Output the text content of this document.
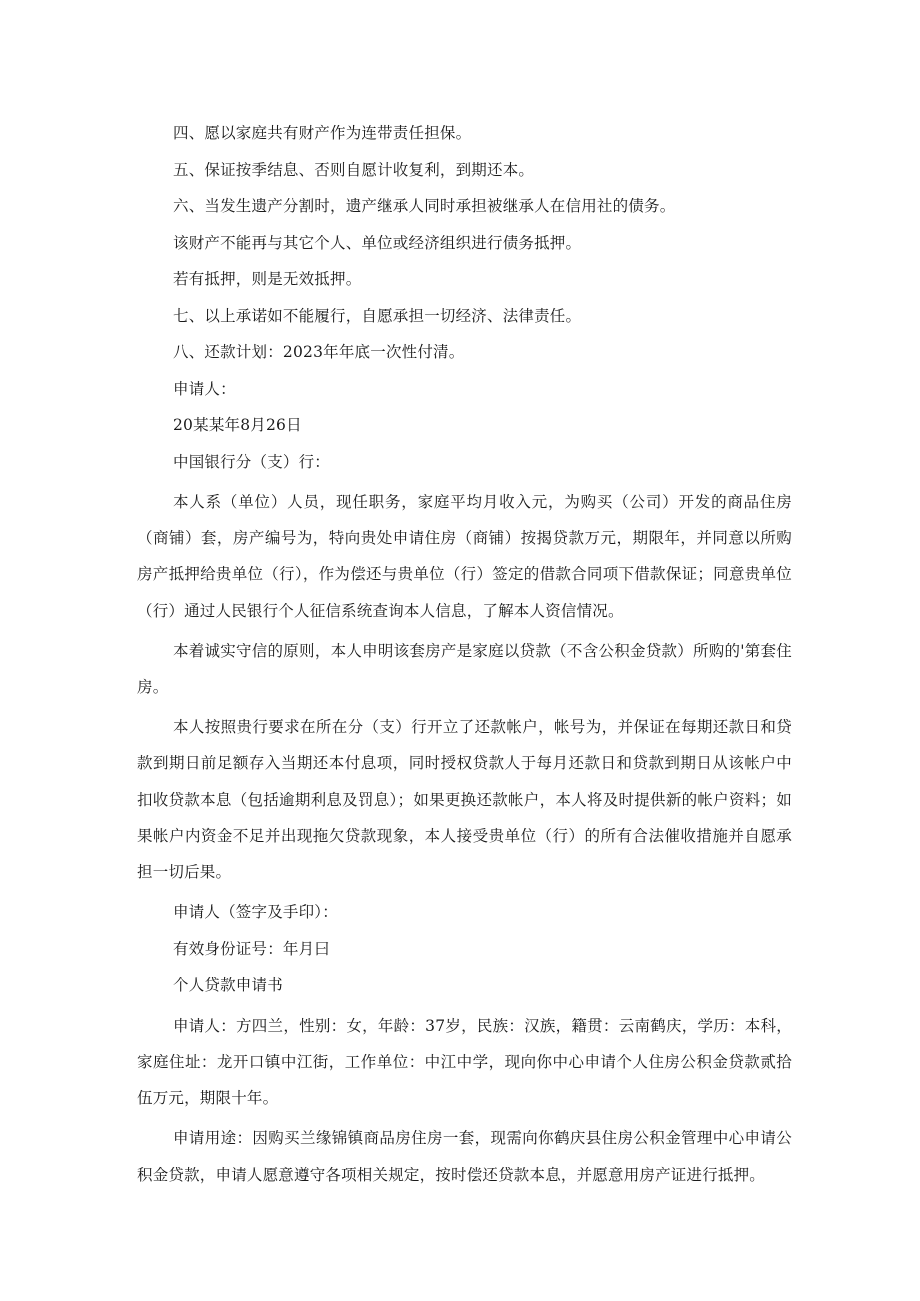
四、愿以家庭共有财产作为连带责任担保。

五、保证按季结息、否则自愿计收复利，到期还本。

六、当发生遗产分割时，遗产继承人同时承担被继承人在信用社的债务。

该财产不能再与其它个人、单位或经济组织进行债务抵押。

若有抵押，则是无效抵押。

七、以上承诺如不能履行，自愿承担一切经济、法律责任。

八、还款计划：2023年年底一次性付清。

申请人：

20某某年8月26日

中国银行分（支）行：

本人系（单位）人员，现任职务，家庭平均月收入元，为购买（公司）开发的商品住房（商铺）套，房产编号为，特向贵处申请住房（商铺）按揭贷款万元，期限年，并同意以所购房产抵押给贵单位（行），作为偿还与贵单位（行）签定的借款合同项下借款保证；同意贵单位（行）通过人民银行个人征信系统查询本人信息，了解本人资信情况。

本着诚实守信的原则，本人申明该套房产是家庭以贷款（不含公积金贷款）所购的'第套住房。

本人按照贵行要求在所在分（支）行开立了还款帐户，帐号为，并保证在每期还款日和贷款到期日前足额存入当期还本付息项，同时授权贷款人于每月还款日和贷款到期日从该帐户中扣收贷款本息（包括逾期利息及罚息）；如果更换还款帐户，本人将及时提供新的帐户资料；如果帐户内资金不足并出现拖欠贷款现象，本人接受贵单位（行）的所有合法催收措施并自愿承担一切后果。

申请人（签字及手印）：

有效身份证号：年月曰

个人贷款申请书

申请人：方四兰，性别：女，年龄：37岁，民族：汉族，籍贯：云南鹤庆，学历：本科，家庭住址：龙开口镇中江街，工作单位：中江中学，现向你中心申请个人住房公积金贷款贰拾伍万元，期限十年。

申请用途：因购买兰缘锦镇商品房住房一套，现需向你鹤庆县住房公积金管理中心申请公积金贷款，申请人愿意遵守各项相关规定，按时偿还贷款本息，并愿意用房产证进行抵押。
